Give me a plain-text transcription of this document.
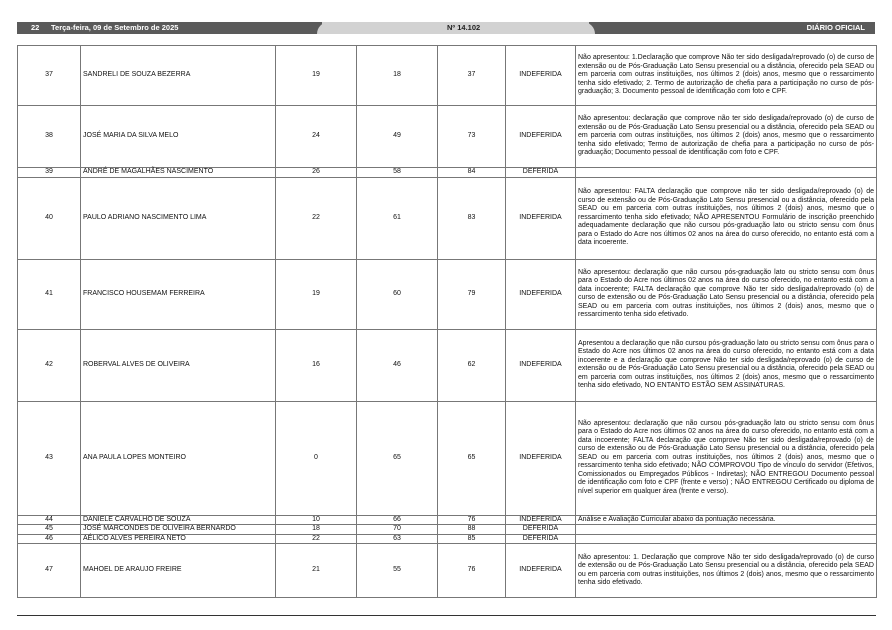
22 Terça-feira, 09 de Setembro de 2025	Nº 14.102	DIÁRIO OFICIAL
37	SANDRELI DE SOUZA BEZERRA	19	18	37	INDEFERIDA	Não apresentou: 1.Declaração que comprove Não ter sido desligada/reprovado (o) de curso de extensão ou de Pós-Graduação Lato Sensu presencial ou a distância, oferecido pela SEAD ou em parceria com outras instituições, nos últimos 2 (dois) anos, mesmo que o ressarcimento tenha sido efetivado; 2. Termo de autorização de chefia para a participação no curso de pós-graduação; 3. Documento pessoal de identificação com foto e CPF.
38	JOSÉ MARIA DA SILVA MELO	24	49	73	INDEFERIDA	Não apresentou: declaração que comprove não ter sido desligada/reprovado (o) de curso de extensão ou de Pós-Graduação Lato Sensu presencial ou a distância, oferecido pela SEAD ou em parceria com outras instituições, nos últimos 2 (dois) anos, mesmo que o ressarcimento tenha sido efetivado; Termo de autorização de chefia para a participação no curso de pós-graduação; Documento pessoal de identificação com foto e CPF.
39	ANDRÉ DE MAGALHÃES NASCIMENTO	26	58	84	DEFERIDA	
40	PAULO ADRIANO NASCIMENTO LIMA	22	61	83	INDEFERIDA	Não apresentou: FALTA declaração que comprove não ter sido desligada/reprovado (o) de curso de extensão ou de Pós-Graduação Lato Sensu presencial ou a distância, oferecido pela SEAD ou em parceria com outras instituições, nos últimos 2 (dois) anos, mesmo que o ressarcimento tenha sido efetivado; NÃO APRESENTOU Formulário de inscrição preenchido adequadamente declaração que não cursou pós-graduação lato ou stricto sensu com ônus para o Estado do Acre nos últimos 02 anos na área do curso oferecido, no entanto está com a data incoerente.
41	FRANCISCO HOUSEMAM FERREIRA	19	60	79	INDEFERIDA	Não apresentou: declaração que não cursou pós-graduação lato ou stricto sensu com ônus para o Estado do Acre nos últimos 02 anos na área do curso oferecido, no entanto está com a data incoerente; FALTA declaração que comprove Não ter sido desligada/reprovado (o) de curso de extensão ou de Pós-Graduação Lato Sensu presencial ou a distância, oferecido pela SEAD ou em parceria com outras instituições, nos últimos 2 (dois) anos, mesmo que o ressarcimento tenha sido efetivado.
42	ROBERVAL ALVES DE OLIVEIRA	16	46	62	INDEFERIDA	Apresentou a declaração que não cursou pós-graduação lato ou stricto sensu com ônus para o Estado do Acre nos últimos 02 anos na área do curso oferecido, no entanto está com a data incoerente e a declaração que comprove Não ter sido desligada/reprovado (o) de curso de extensão ou de Pós-Graduação Lato Sensu presencial ou a distância, oferecido pela SEAD ou em parceria com outras instituições, nos últimos 2 (dois) anos, mesmo que o ressarcimento tenha sido efetivado, NO ENTANTO ESTÃO SEM ASSINATURAS.
43	ANA PAULA LOPES MONTEIRO	0	65	65	INDEFERIDA	Não apresentou: declaração que não cursou pós-graduação lato ou stricto sensu com ônus para o Estado do Acre nos últimos 02 anos na área do curso oferecido, no entanto está com a data incoerente; FALTA declaração que comprove Não ter sido desligada/reprovado (o) de curso de extensão ou de Pós-Graduação Lato Sensu presencial ou a distância, oferecido pela SEAD ou em parceria com outras instituições, nos últimos 2 (dois) anos, mesmo que o ressarcimento tenha sido efetivado; NÃO COMPROVOU Tipo de vínculo do servidor (Efetivos, Comissionados ou Empregados Públicos - Indiretas); NÃO ENTREGOU Documento pessoal de identificação com foto e CPF (frente e verso) ; NÃO ENTREGOU Certificado ou diploma de nível superior em qualquer área (frente e verso).
44	DANIELE CARVALHO DE SOUZA	10	66	76	INDEFERIDA	Análise e Avaliação Curricular abaixo da pontuação necessária.
45	JOSÉ MARCONDES DE OLIVEIRA BERNARDO	18	70	88	DEFERIDA	
46	AÉLICO ALVES PEREIRA NETO	22	63	85	DEFERIDA	
47	MAHOEL DE ARAUJO FREIRE	21	55	76	INDEFERIDA	Não apresentou: 1. Declaração que comprove Não ter sido desligada/reprovado (o) de curso de extensão ou de Pós-Graduação Lato Sensu presencial ou a distância, oferecido pela SEAD ou em parceria com outras instituições, nos últimos 2 (dois) anos, mesmo que o ressarcimento tenha sido efetivado.
